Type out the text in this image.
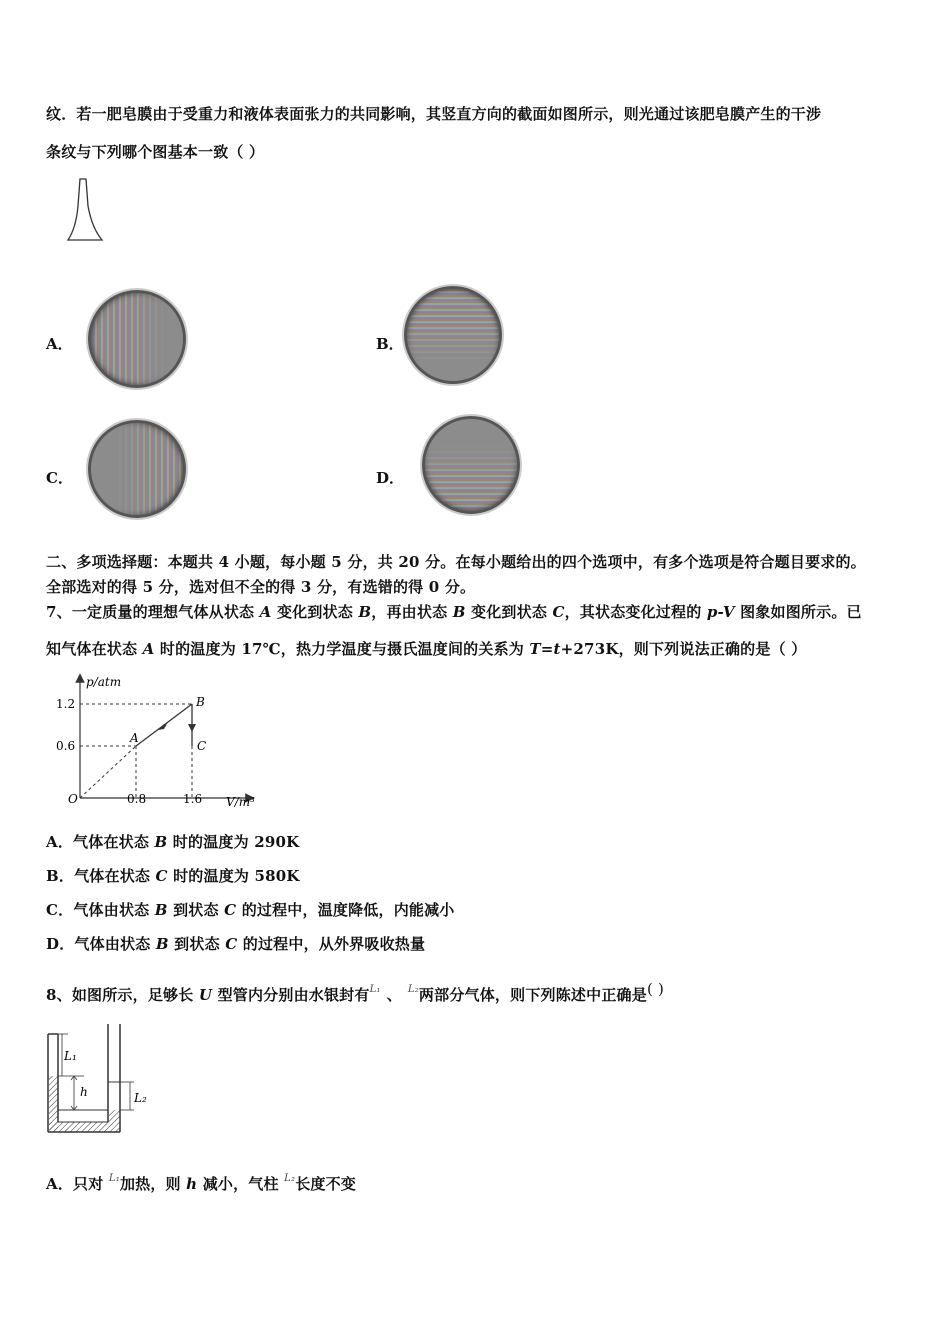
纹．若一肥皂膜由于受重力和液体表面张力的共同影响，其竖直方向的截面如图所示，则光通过该肥皂膜产生的干涉
条纹与下列哪个图基本一致（ ）
A．	B．
C．	D．
二、多项选择题：本题共 4 小题，每小题 5 分，共 20 分。在每小题给出的四个选项中，有多个选项是符合题目要求的。
全部选对的得 5 分，选对但不全的得 3 分，有选错的得 0 分。
7、一定质量的理想气体从状态 A 变化到状态 B，再由状态 B 变化到状态 C，其状态变化过程的 p-V 图象如图所示。已
知气体在状态 A 时的温度为 17℃，热力学温度与摄氏温度间的关系为 T=t+273K，则下列说法正确的是（ ）
p/atm
V/m³
O
1.2
0.6
0.8	1.6
A
B
C
A．气体在状态 B 时的温度为 290K
B．气体在状态 C 时的温度为 580K
C．气体由状态 B 到状态 C 的过程中，温度降低，内能减小
D．气体由状态 B 到状态 C 的过程中，从外界吸收热量
8、如图所示，足够长 U 型管内分别由水银封有$^{L_1}$ 、 $^{L_2}$两部分气体，则下列陈述中正确是( )
L₁
h	L₂
A．只对 $^{L_1}$加热，则 h 减小，气柱 $^{L_2}$长度不变
